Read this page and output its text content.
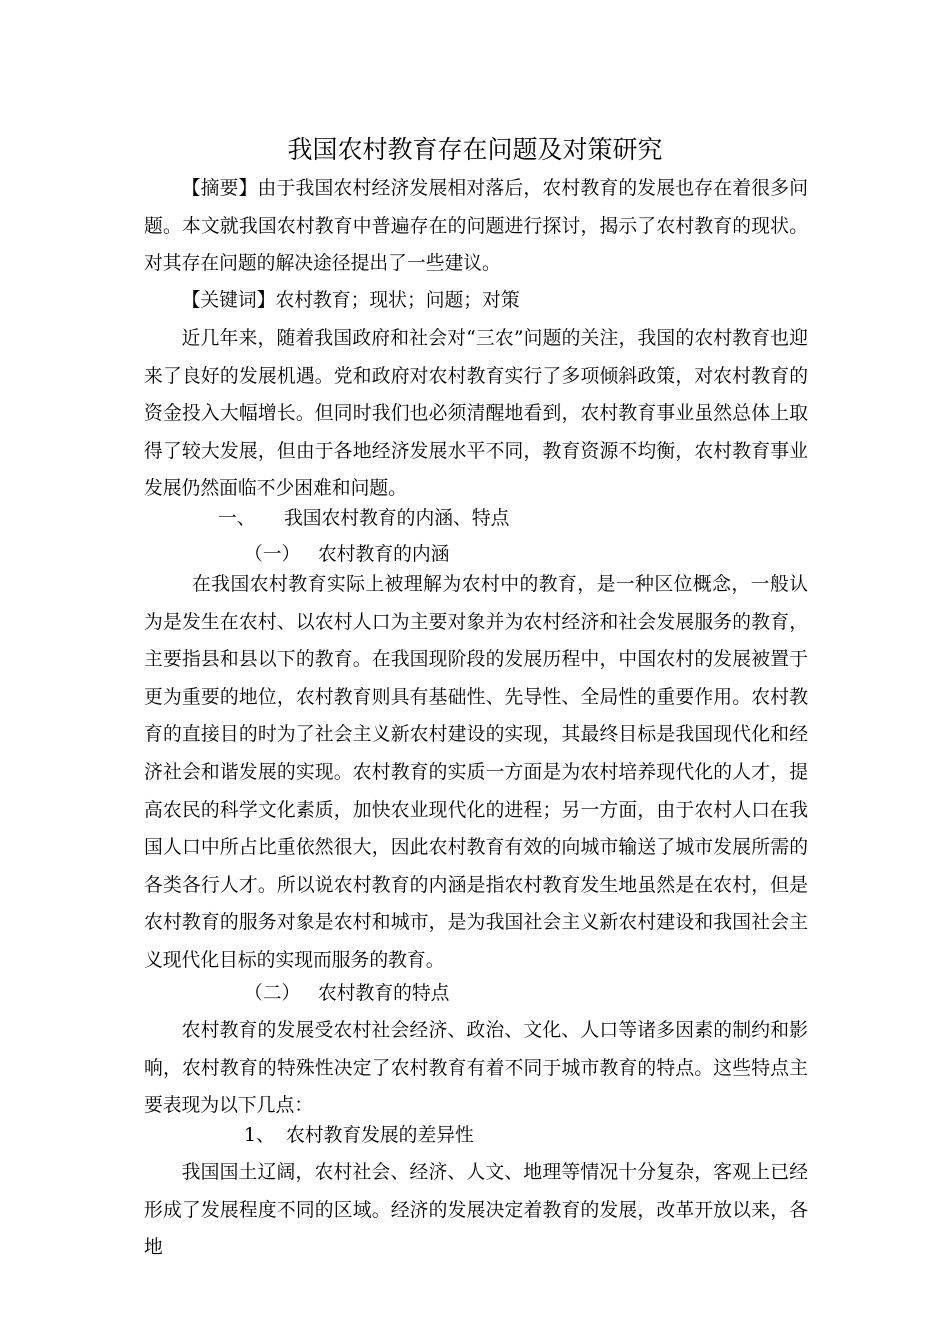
我国农村教育存在问题及对策研究
【摘要】由于我国农村经济发展相对落后，农村教育的发展也存在着很多问题。本文就我国农村教育中普遍存在的问题进行探讨，揭示了农村教育的现状。对其存在问题的解决途径提出了一些建议。
【关键词】农村教育；现状；问题；对策
近几年来，随着我国政府和社会对“三农”问题的关注，我国的农村教育也迎来了良好的发展机遇。党和政府对农村教育实行了多项倾斜政策，对农村教育的资金投入大幅增长。但同时我们也必须清醒地看到，农村教育事业虽然总体上取得了较大发展，但由于各地经济发展水平不同，教育资源不均衡，农村教育事业发展仍然面临不少困难和问题。
一、 我国农村教育的内涵、特点
（一） 农村教育的内涵
在我国农村教育实际上被理解为农村中的教育，是一种区位概念，一般认为是发生在农村、以农村人口为主要对象并为农村经济和社会发展服务的教育，主要指县和县以下的教育。在我国现阶段的发展历程中，中国农村的发展被置于更为重要的地位，农村教育则具有基础性、先导性、全局性的重要作用。农村教育的直接目的时为了社会主义新农村建设的实现，其最终目标是我国现代化和经济社会和谐发展的实现。农村教育的实质一方面是为农村培养现代化的人才，提高农民的科学文化素质，加快农业现代化的进程；另一方面，由于农村人口在我国人口中所占比重依然很大，因此农村教育有效的向城市输送了城市发展所需的各类各行人才。所以说农村教育的内涵是指农村教育发生地虽然是在农村，但是农村教育的服务对象是农村和城市，是为我国社会主义新农村建设和我国社会主义现代化目标的实现而服务的教育。
（二） 农村教育的特点
农村教育的发展受农村社会经济、政治、文化、人口等诸多因素的制约和影响，农村教育的特殊性决定了农村教育有着不同于城市教育的特点。这些特点主要表现为以下几点：
1、 农村教育发展的差异性
我国国土辽阔，农村社会、经济、人文、地理等情况十分复杂，客观上已经形成了发展程度不同的区域。经济的发展决定着教育的发展，改革开放以来，各地
